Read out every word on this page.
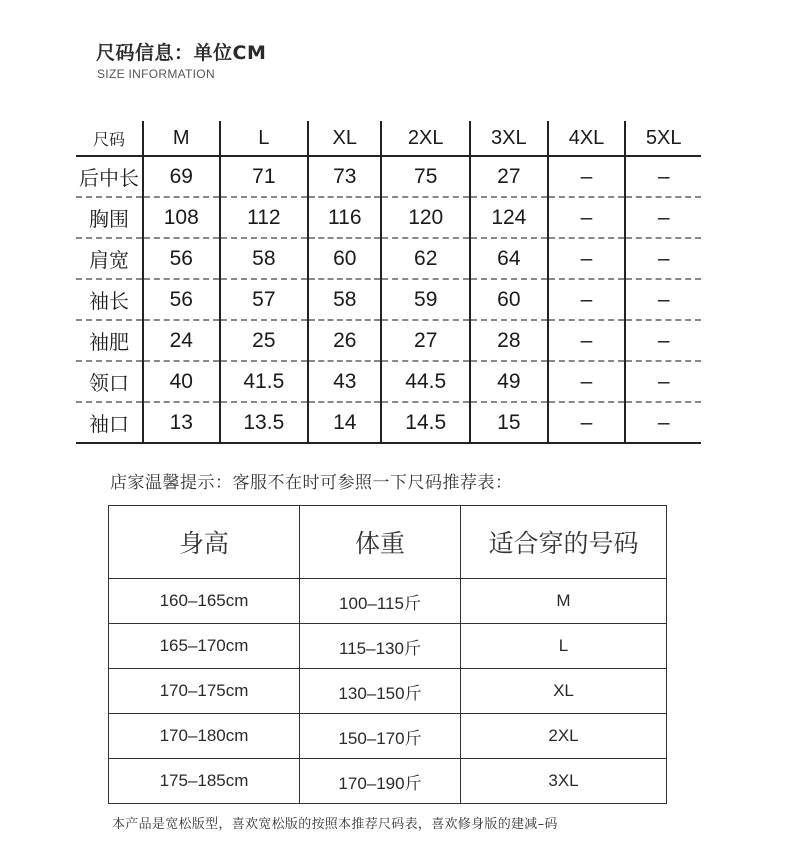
尺码信息：单位CM
SIZE INFORMATION
尺码	M	L	XL	2XL	3XL	4XL	5XL
后中长	69	71	73	75	27	–	–
胸围	108	112	116	120	124	–	–
肩宽	56	58	60	62	64	–	–
袖长	56	57	58	59	60	–	–
袖肥	24	25	26	27	28	–	–
领口	40	41.5	43	44.5	49	–	–
袖口	13	13.5	14	14.5	15	–	–
店家温馨提示：客服不在时可参照一下尺码推荐表：
身高	体重	适合穿的号码
160–165cm	100–115斤	M
165–170cm	115–130斤	L
170–175cm	130–150斤	XL
170–180cm	150–170斤	2XL
175–185cm	170–190斤	3XL
本产品是宽松版型，喜欢宽松版的按照本推荐尺码表，喜欢修身版的建减–码
